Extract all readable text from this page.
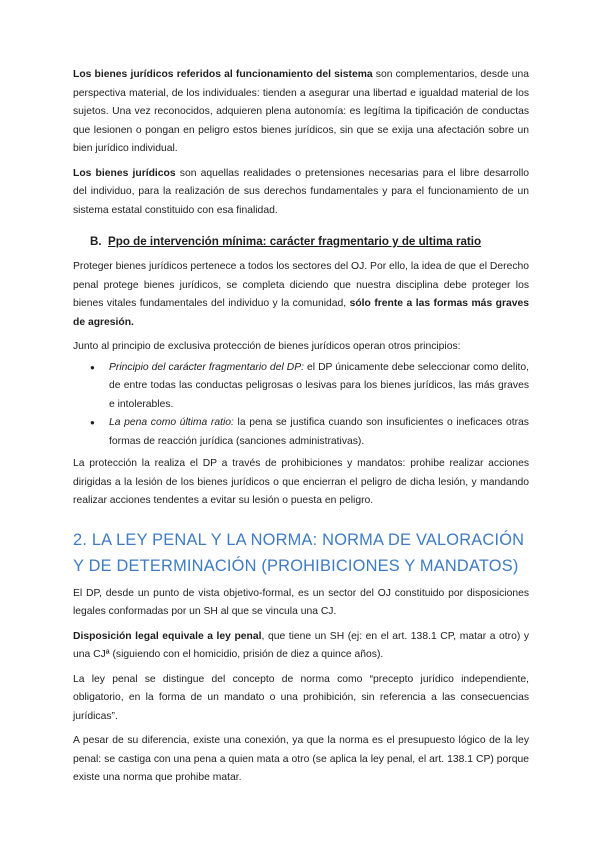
Los bienes jurídicos referidos al funcionamiento del sistema son complementarios, desde una perspectiva material, de los individuales: tienden a asegurar una libertad e igualdad material de los sujetos. Una vez reconocidos, adquieren plena autonomía: es legítima la tipificación de conductas que lesionen o pongan en peligro estos bienes jurídicos, sin que se exija una afectación sobre un bien jurídico individual.

Los bienes jurídicos son aquellas realidades o pretensiones necesarias para el libre desarrollo del individuo, para la realización de sus derechos fundamentales y para el funcionamiento de un sistema estatal constituido con esa finalidad.

B. Ppo de intervención mínima: carácter fragmentario y de ultima ratio

Proteger bienes jurídicos pertenece a todos los sectores del OJ. Por ello, la idea de que el Derecho penal protege bienes jurídicos, se completa diciendo que nuestra disciplina debe proteger los bienes vitales fundamentales del individuo y la comunidad, sólo frente a las formas más graves de agresión.

Junto al principio de exclusiva protección de bienes jurídicos operan otros principios:

● Principio del carácter fragmentario del DP: el DP únicamente debe seleccionar como delito, de entre todas las conductas peligrosas o lesivas para los bienes jurídicos, las más graves e intolerables.

● La pena como última ratio: la pena se justifica cuando son insuficientes o ineficaces otras formas de reacción jurídica (sanciones administrativas).

La protección la realiza el DP a través de prohibiciones y mandatos: prohibe realizar acciones dirigidas a la lesión de los bienes jurídicos o que encierran el peligro de dicha lesión, y mandando realizar acciones tendentes a evitar su lesión o puesta en peligro.

2. LA LEY PENAL Y LA NORMA: NORMA DE VALORACIÓN Y DE DETERMINACIÓN (PROHIBICIONES Y MANDATOS)

El DP, desde un punto de vista objetivo-formal, es un sector del OJ constituido por disposiciones legales conformadas por un SH al que se vincula una CJ.

Disposición legal equivale a ley penal, que tiene un SH (ej: en el art. 138.1 CP, matar a otro) y una CJª (siguiendo con el homicidio, prisión de diez a quince años).

La ley penal se distingue del concepto de norma como “precepto jurídico independiente, obligatorio, en la forma de un mandato o una prohibición, sin referencia a las consecuencias jurídicas”.

A pesar de su diferencia, existe una conexión, ya que la norma es el presupuesto lógico de la ley penal: se castiga con una pena a quien mata a otro (se aplica la ley penal, el art. 138.1 CP) porque existe una norma que prohibe matar.
